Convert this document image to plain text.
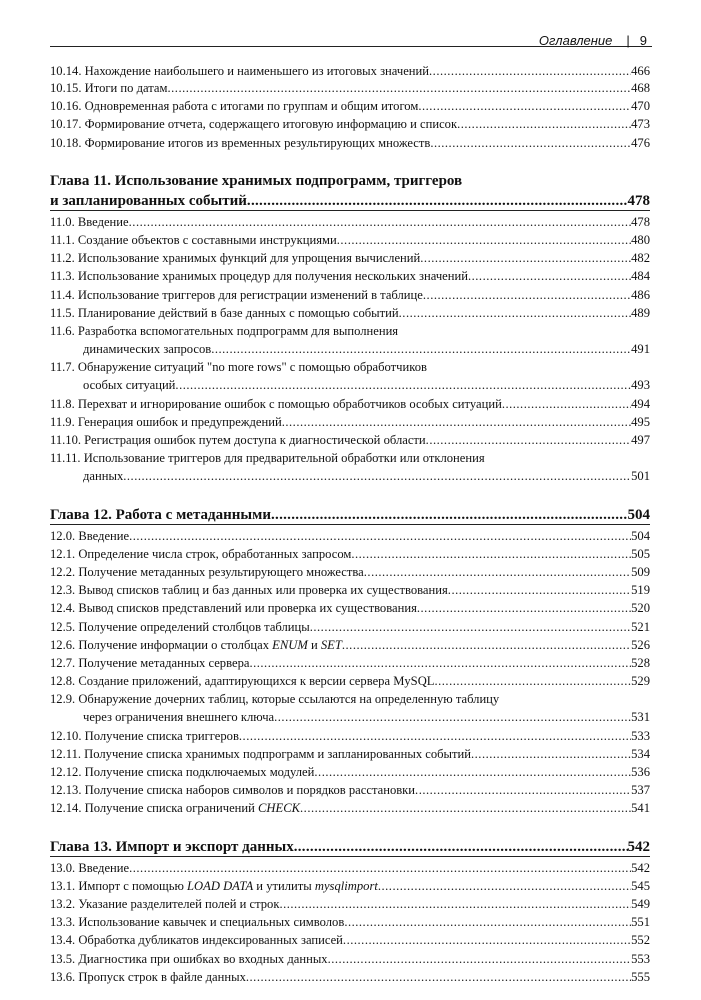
Оглавление | 9
10.14. Нахождение наибольшего и наименьшего из итоговых значений .....	466
10.15. Итоги по датам .....	468
10.16. Одновременная работа с итогами по группам и общим итогом .....	470
10.17. Формирование отчета, содержащего итоговую информацию и список .....	473
10.18. Формирование итогов из временных результирующих множеств .....	476
Глава 11. Использование хранимых подпрограмм, триггеров
и запланированных событий .....	478
11.0. Введение .....	478
11.1. Создание объектов с составными инструкциями .....	480
11.2. Использование хранимых функций для упрощения вычислений .....	482
11.3. Использование хранимых процедур для получения нескольких значений .....	484
11.4. Использование триггеров для регистрации изменений в таблице .....	486
11.5. Планирование действий в базе данных с помощью событий .....	489
11.6. Разработка вспомогательных подпрограмм для выполнения
динамических запросов .....	491
11.7. Обнаружение ситуаций "no more rows" с помощью обработчиков
особых ситуаций .....	493
11.8. Перехват и игнорирование ошибок с помощью обработчиков особых ситуаций .....	494
11.9. Генерация ошибок и предупреждений .....	495
11.10. Регистрация ошибок путем доступа к диагностической области .....	497
11.11. Использование триггеров для предварительной обработки или отклонения
данных .....	501
Глава 12. Работа с метаданными .....	504
12.0. Введение .....	504
12.1. Определение числа строк, обработанных запросом .....	505
12.2. Получение метаданных результирующего множества .....	509
12.3. Вывод списков таблиц и баз данных или проверка их существования .....	519
12.4. Вывод списков представлений или проверка их существования .....	520
12.5. Получение определений столбцов таблицы .....	521
12.6. Получение информации о столбцах ENUM и SET .....	526
12.7. Получение метаданных сервера .....	528
12.8. Создание приложений, адаптирующихся к версии сервера MySQL .....	529
12.9. Обнаружение дочерних таблиц, которые ссылаются на определенную таблицу
через ограничения внешнего ключа .....	531
12.10. Получение списка триггеров .....	533
12.11. Получение списка хранимых подпрограмм и запланированных событий .....	534
12.12. Получение списка подключаемых модулей .....	536
12.13. Получение списка наборов символов и порядков расстановки .....	537
12.14. Получение списка ограничений CHECK .....	541
Глава 13. Импорт и экспорт данных .....	542
13.0. Введение .....	542
13.1. Импорт с помощью LOAD DATA и утилиты mysqlimport .....	545
13.2. Указание разделителей полей и строк .....	549
13.3. Использование кавычек и специальных символов .....	551
13.4. Обработка дубликатов индексированных записей .....	552
13.5. Диагностика при ошибках во входных данных .....	553
13.6. Пропуск строк в файле данных .....	555
